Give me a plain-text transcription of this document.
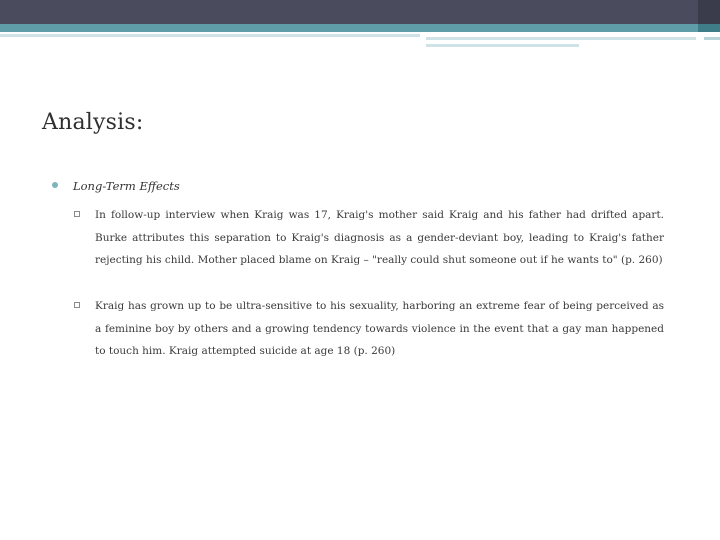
Analysis:
Long-Term Effects
In follow-up interview when Kraig was 17, Kraig's mother said Kraig and his father had drifted apart. Burke attributes this separation to Kraig's diagnosis as a gender-deviant boy, leading to Kraig's father rejecting his child. Mother placed blame on Kraig – "really could shut someone out if he wants to" (p. 260)
Kraig has grown up to be ultra-sensitive to his sexuality, harboring an extreme fear of being perceived as a feminine boy by others and a growing tendency towards violence in the event that a gay man happened to touch him. Kraig attempted suicide at age 18 (p. 260)
